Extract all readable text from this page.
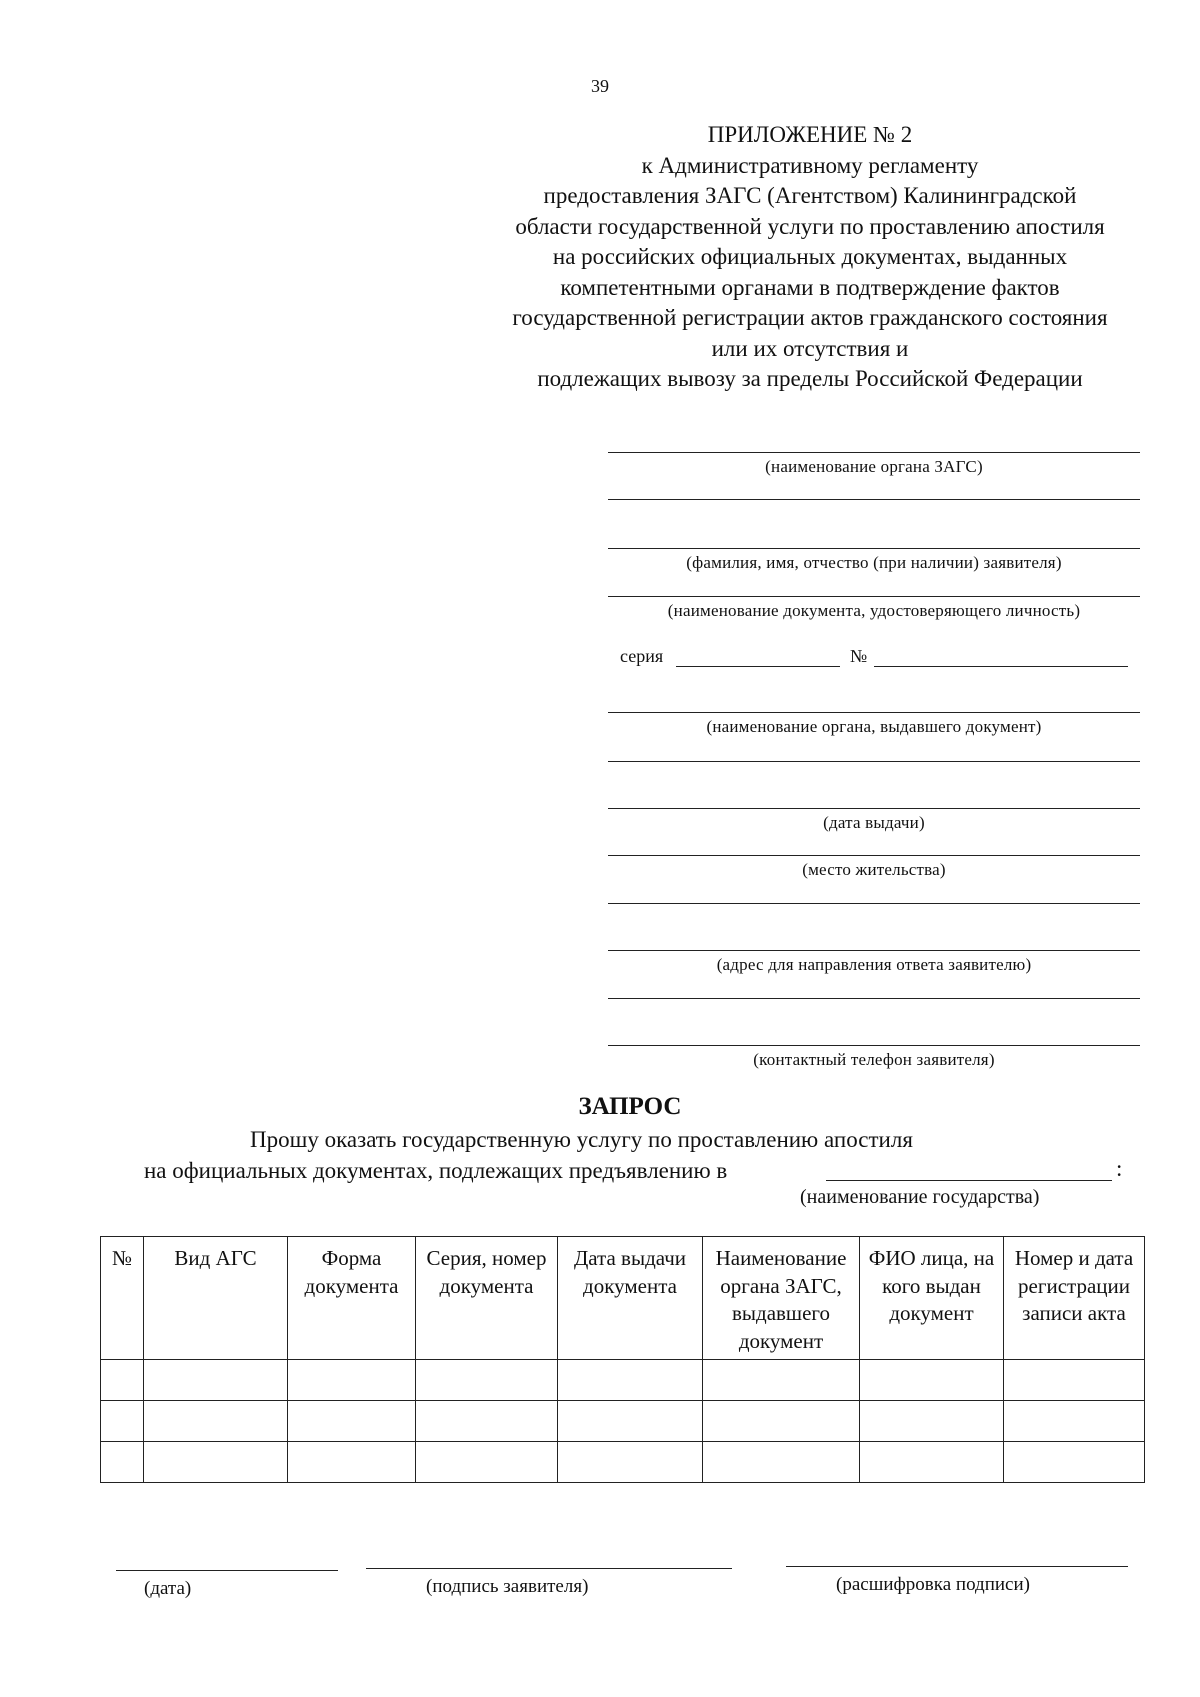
39
ПРИЛОЖЕНИЕ № 2
к Административному регламенту
предоставления ЗАГС (Агентством) Калининградской
области государственной услуги по проставлению апостиля
на российских официальных документах, выданных
компетентными органами в подтверждение фактов
государственной регистрации актов гражданского состояния
или их отсутствия и
подлежащих вывозу за пределы Российской Федерации
(наименование органа ЗАГС)
(фамилия, имя, отчество (при наличии) заявителя)
(наименование документа, удостоверяющего личность)
серия	№
(наименование органа, выдавшего документ)
(дата выдачи)
(место жительства)
(адрес для направления ответа заявителю)
(контактный телефон заявителя)
ЗАПРОС
Прошу оказать государственную услугу по проставлению апостиля
на официальных документах, подлежащих предъявлению в	:
(наименование государства)
№	Вид АГС	Форма документа	Серия, номер документа	Дата выдачи документа	Наименование органа ЗАГС, выдавшего документ	ФИО лица, на кого выдан документ	Номер и дата регистрации записи акта

(дата)	(подпись заявителя)	(расшифровка подписи)
